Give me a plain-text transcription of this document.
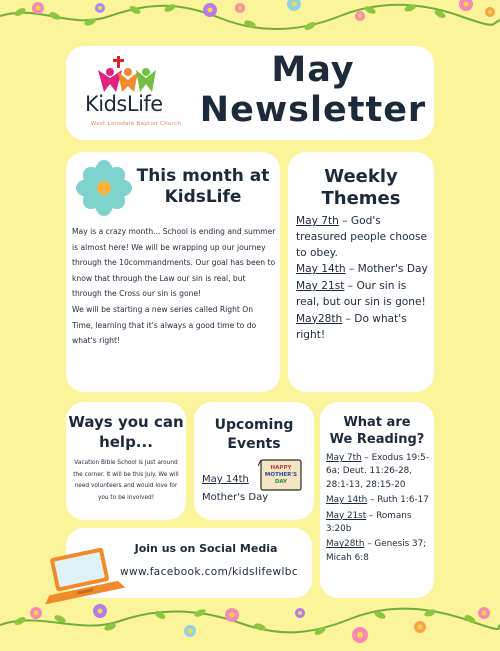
KidsLife
West Lonsdale Baptist Church
May
Newsletter
This month at
KidsLife

May is a crazy month... School is ending and summer is almost here! We will be wrapping up our journey through the 10commandments. Our goal has been to know that through the Law our sin is real, but through the Cross our sin is gone!

We will be starting a new series called Right On Time, learning that it's always a good time to do what's right!

Weekly
Themes
May 7th – God's treasured people choose to obey.
May 14th – Mother's Day
May 21st – Our sin is real, but our sin is gone!
May28th – Do what's right!
Ways you can
help...
Vacation Bible School is just around the corner. It will be this July. We will need volunteers and would love for you to be involved!
Upcoming
Events
HAPPY
MOTHER'S
DAY
May 14th
Mother's Day
What are
We Reading?
May 7th – Exodus 19:5-6a; Deut. 11:26-28, 28:1-13, 28:15-20
May 14th – Ruth 1:6-17
May 21st – Romans 3:20b
May28th – Genesis 37; Micah 6:8
Join us on Social Media
www.facebook.com/kidslifewlbc
